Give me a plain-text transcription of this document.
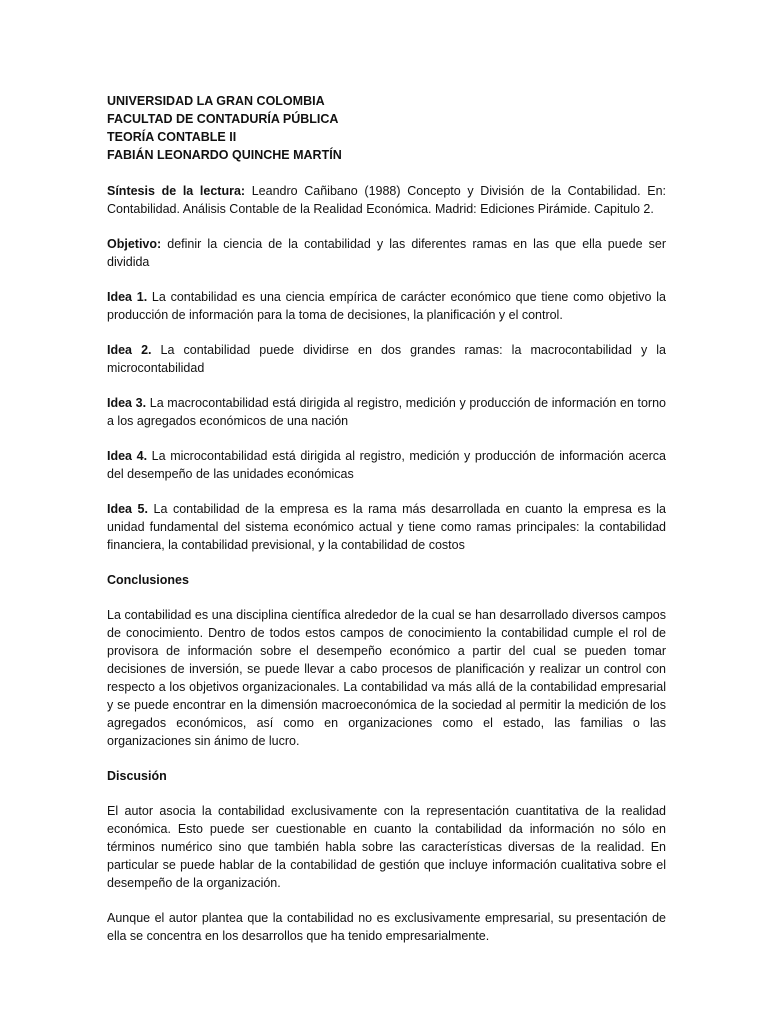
UNIVERSIDAD LA GRAN COLOMBIA
FACULTAD DE CONTADURÍA PÚBLICA
TEORÍA CONTABLE II
FABIÁN LEONARDO QUINCHE MARTÍN

Síntesis de la lectura: Leandro Cañibano (1988) Concepto y División de la Contabilidad. En: Contabilidad. Análisis Contable de la Realidad Económica. Madrid: Ediciones Pirámide. Capitulo 2.

Objetivo: definir la ciencia de la contabilidad y las diferentes ramas en las que ella puede ser dividida

Idea 1. La contabilidad es una ciencia empírica de carácter económico que tiene como objetivo la producción de información para la toma de decisiones, la planificación y el control.

Idea 2. La contabilidad puede dividirse en dos grandes ramas: la macrocontabilidad y la microcontabilidad

Idea 3. La macrocontabilidad está dirigida al registro, medición y producción de información en torno a los agregados económicos de una nación

Idea 4. La microcontabilidad está dirigida al registro, medición y producción de información acerca del desempeño de las unidades económicas

Idea 5. La contabilidad de la empresa es la rama más desarrollada en cuanto la empresa es la unidad fundamental del sistema económico actual y tiene como ramas principales: la contabilidad financiera, la contabilidad previsional, y la contabilidad de costos

Conclusiones

La contabilidad es una disciplina científica alrededor de la cual se han desarrollado diversos campos de conocimiento. Dentro de todos estos campos de conocimiento la contabilidad cumple el rol de provisora de información sobre el desempeño económico a partir del cual se pueden tomar decisiones de inversión, se puede llevar a cabo procesos de planificación y realizar un control con respecto a los objetivos organizacionales. La contabilidad va más allá de la contabilidad empresarial y se puede encontrar en la dimensión macroeconómica de la sociedad al permitir la medición de los agregados económicos, así como en organizaciones como el estado, las familias o las organizaciones sin ánimo de lucro.

Discusión

El autor asocia la contabilidad exclusivamente con la representación cuantitativa de la realidad económica. Esto puede ser cuestionable en cuanto la contabilidad da información no sólo en términos numérico sino que también habla sobre las características diversas de la realidad. En particular se puede hablar de la contabilidad de gestión que incluye información cualitativa sobre el desempeño de la organización.

Aunque el autor plantea que la contabilidad no es exclusivamente empresarial, su presentación de ella se concentra en los desarrollos que ha tenido empresarialmente.
